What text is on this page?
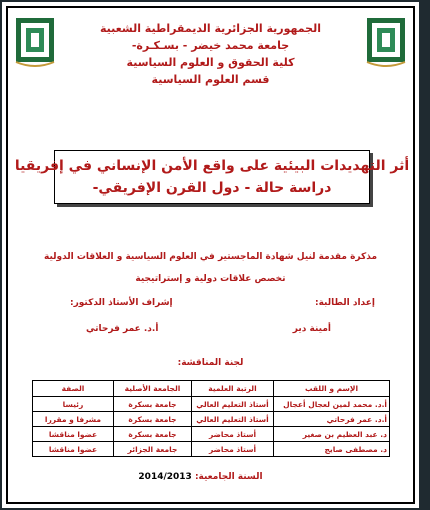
الجمهورية الجزائرية الديمقراطية الشعبية
جامعة محمد خيضر - بسـكـرة-
كلية الحقوق و العلوم السياسية
قسم العلوم السياسية
أثر التهديدات البيئية على واقع الأمن الإنساني في إفريقيا
دراسة حالة - دول القرن الإفريقي-
مذكرة مقدمة لنيل شهادة الماجستير في العلوم السياسية و العلاقات الدولية
تخصص علاقات دولية و إستراتيجية
إعداد الطالبة:
إشراف الأستاذ الدكتور:
أمينة دير
أ.د. عمر فرحاتي
لجنة المناقشة:
الإسم و اللقب	الرتبة العلمية	الجامعة الأصلية	الصفة
أ.د. محمد لمين لعجال أعجال	أستاذ التعليم العالي	جامعة بسكرة	رئيسا
أ.د. عمر فرحاتي	أستاذ التعليم العالي	جامعة بسكرة	مشرفا و مقررا
د. عبد العظيم بن صغير	أستاذ محاضر	جامعة بسكرة	عضوا مناقشا
د. مصطفى صايج	أستاذ محاضر	جامعة الجزائر	عضوا مناقشا
السنة الجامعية: 2014/2013
